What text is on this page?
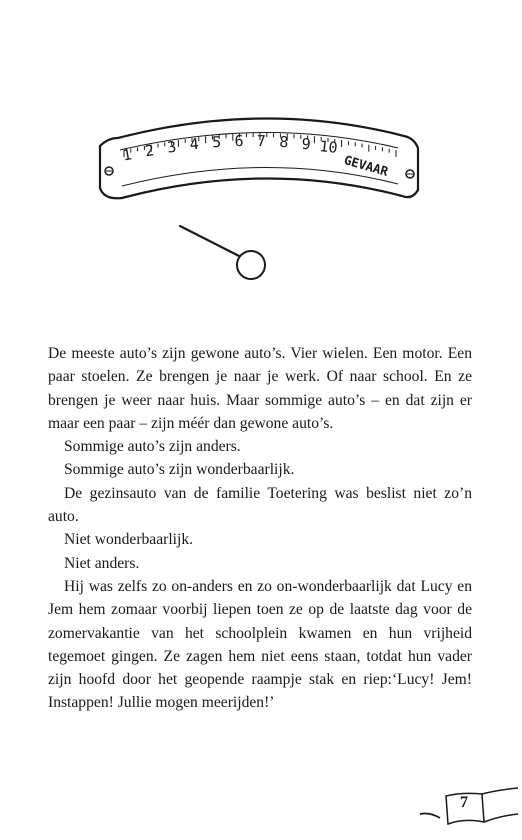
1 2 3 4 5 6 7 8 9 10
GEVAAR

De meeste auto’s zijn gewone auto’s. Vier wielen. Een motor. Een paar stoelen. Ze brengen je naar je werk. Of naar school. En ze brengen je weer naar huis. Maar sommige auto’s – en dat zijn er maar een paar – zijn méér dan gewone auto’s.

Sommige auto’s zijn anders.

Sommige auto’s zijn wonderbaarlijk.

De gezinsauto van de familie Toetering was beslist niet zo’n auto.

Niet wonderbaarlijk.

Niet anders.

Hij was zelfs zo on-anders en zo on-wonderbaarlijk dat Lucy en Jem hem zomaar voorbij liepen toen ze op de laatste dag voor de zomervakantie van het schoolplein kwamen en hun vrijheid tegemoet gingen. Ze zagen hem niet eens staan, totdat hun vader zijn hoofd door het geopende raampje stak en riep:‘Lucy! Jem! Instappen! Jullie mogen meerijden!’

7
